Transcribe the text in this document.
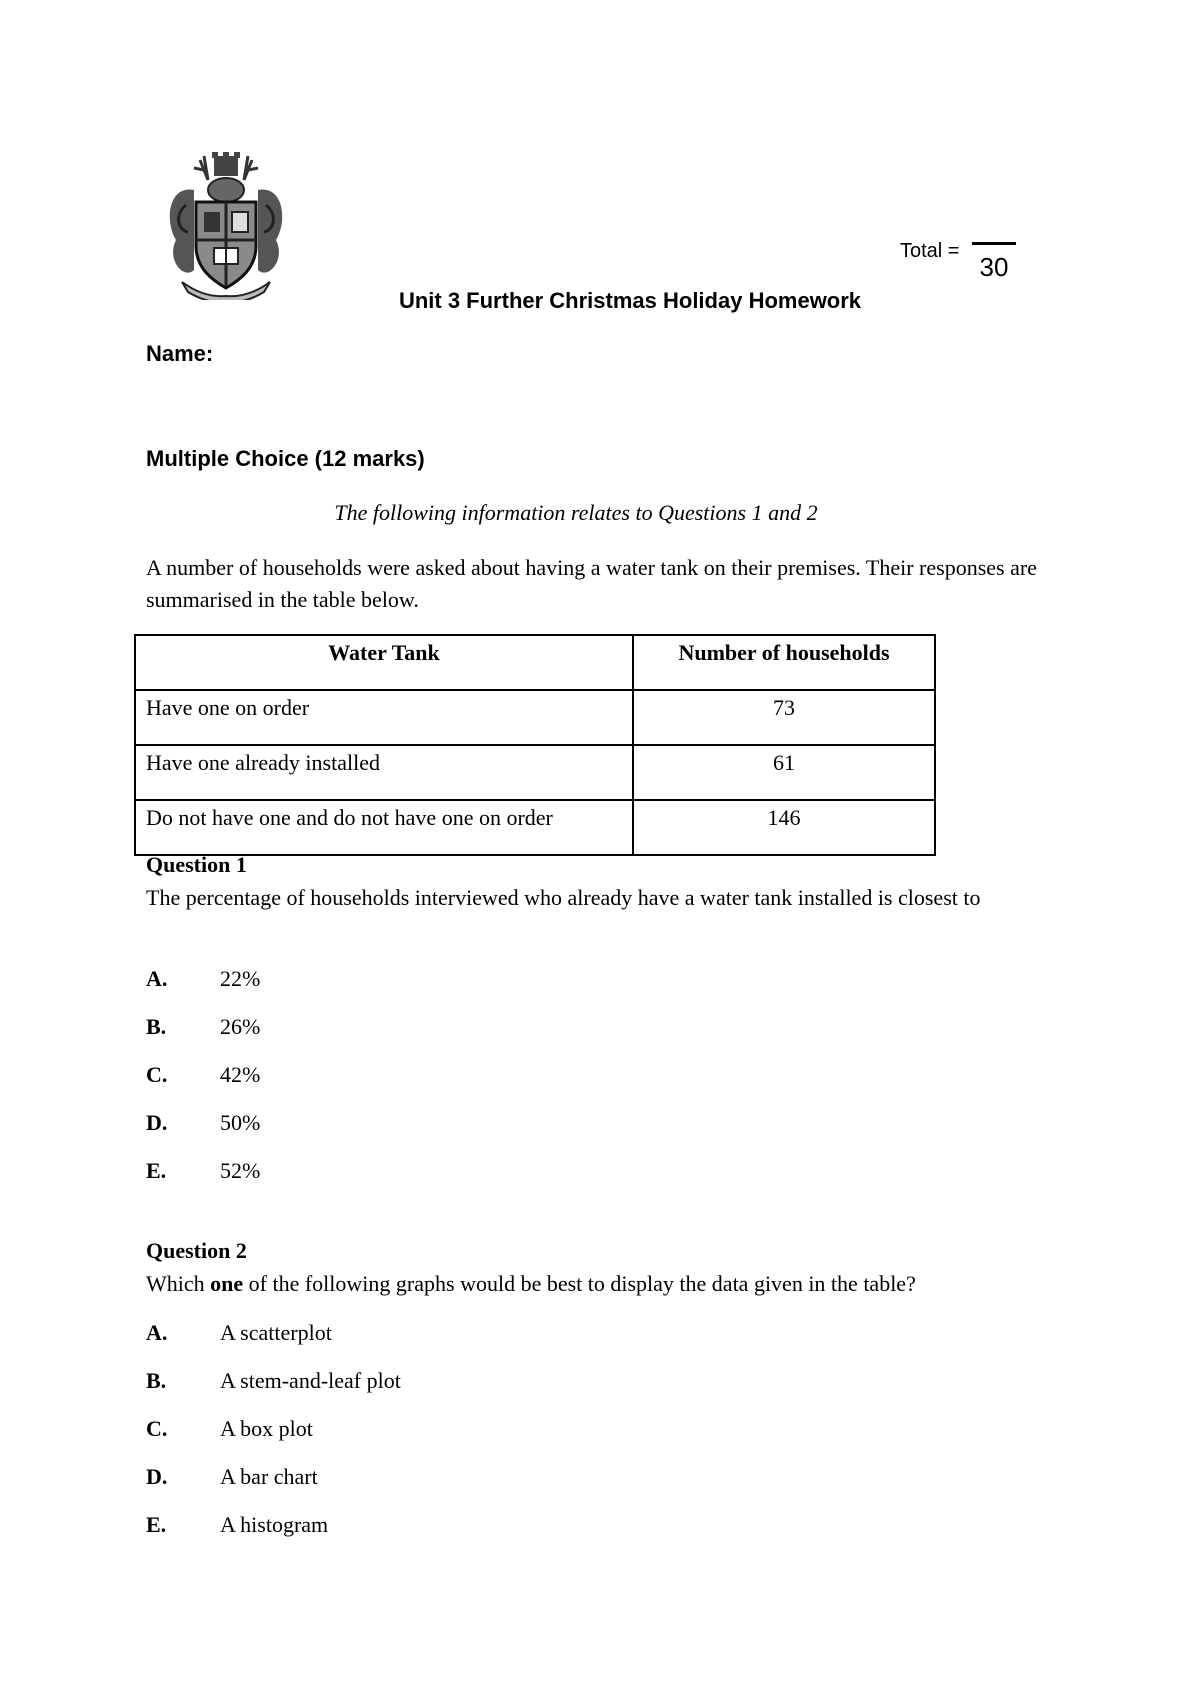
Total =
30
Unit 3 Further Christmas Holiday Homework
Name:
Multiple Choice (12 marks)
The following information relates to Questions 1 and 2
A number of households were asked about having a water tank on their premises. Their responses are summarised in the table below.
Water Tank	Number of households
Have one on order	73
Have one already installed	61
Do not have one and do not have one on order	146
Question 1
The percentage of households interviewed who already have a water tank installed is closest to
A. 22%
B. 26%
C. 42%
D. 50%
E. 52%
Question 2
Which one of the following graphs would be best to display the data given in the table?
A. A scatterplot
B. A stem-and-leaf plot
C. A box plot
D. A bar chart
E. A histogram
